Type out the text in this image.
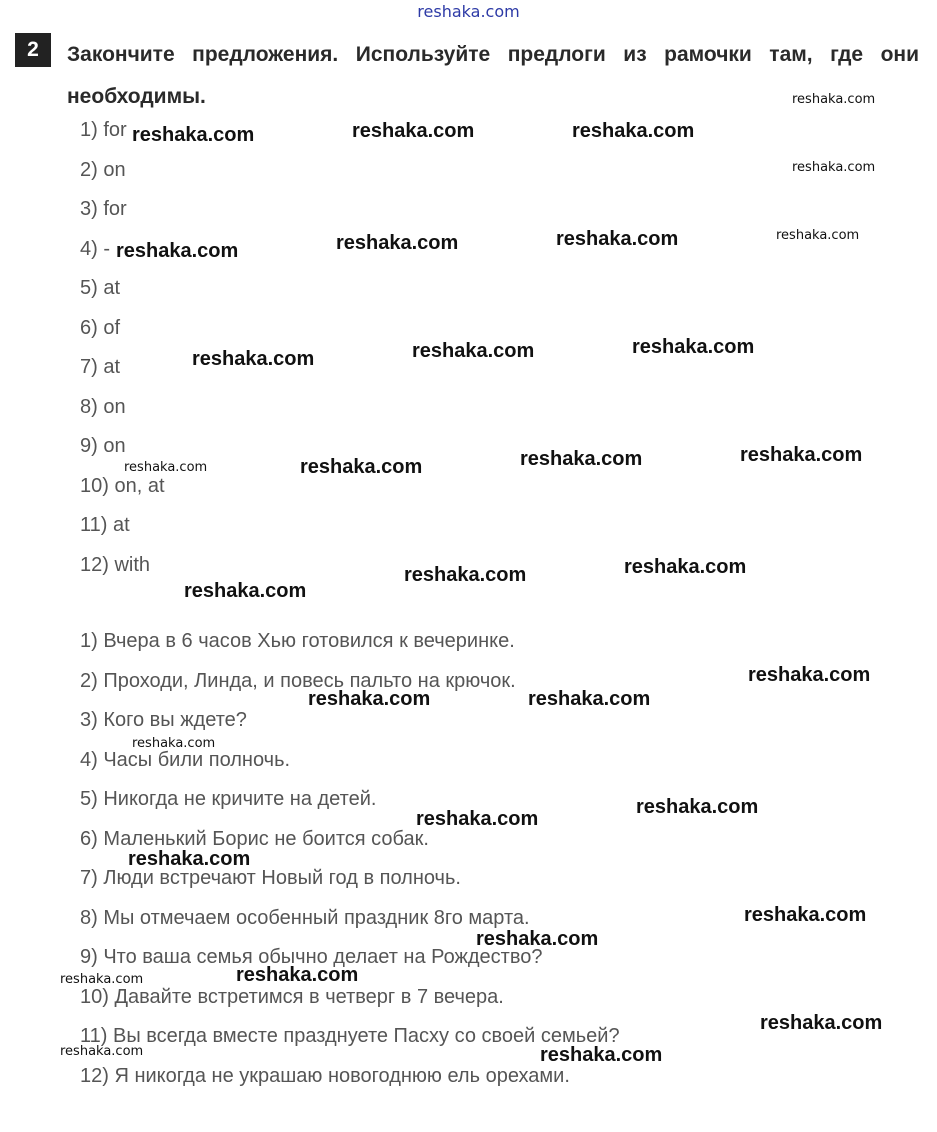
reshaka.com
2	Закончите предложения. Используйте предлоги из рамочки там, где они необходимы.
1) for
2) on
3) for
4) -
5) at
6) of
7) at
8) on
9) on
10) on, at
11) at
12) with
1) Вчера в 6 часов Хью готовился к вечеринке.
2) Проходи, Линда, и повесь пальто на крючок.
3) Кого вы ждете?
4) Часы били полночь.
5) Никогда не кричите на детей.
6) Маленький Борис не боится собак.
7) Люди встречают Новый год в полночь.
8) Мы отмечаем особенный праздник 8го марта.
9) Что ваша семья обычно делает на Рождество?
10) Давайте встретимся в четверг в 7 вечера.
11) Вы всегда вместе празднуете Пасху со своей семьей?
12) Я никогда не украшаю новогоднюю ель орехами.
reshaka.com
reshaka.com	reshaka.com	reshaka.com
reshaka.com
reshaka.com	reshaka.com	reshaka.com	reshaka.com
reshaka.com	reshaka.com	reshaka.com
reshaka.com	reshaka.com	reshaka.com	reshaka.com
reshaka.com
reshaka.com	reshaka.com
reshaka.com
reshaka.com	reshaka.com
reshaka.com
reshaka.com
reshaka.com
reshaka.com
reshaka.com
reshaka.com
reshaka.com
reshaka.com
reshaka.com
reshaka.com	reshaka.com
